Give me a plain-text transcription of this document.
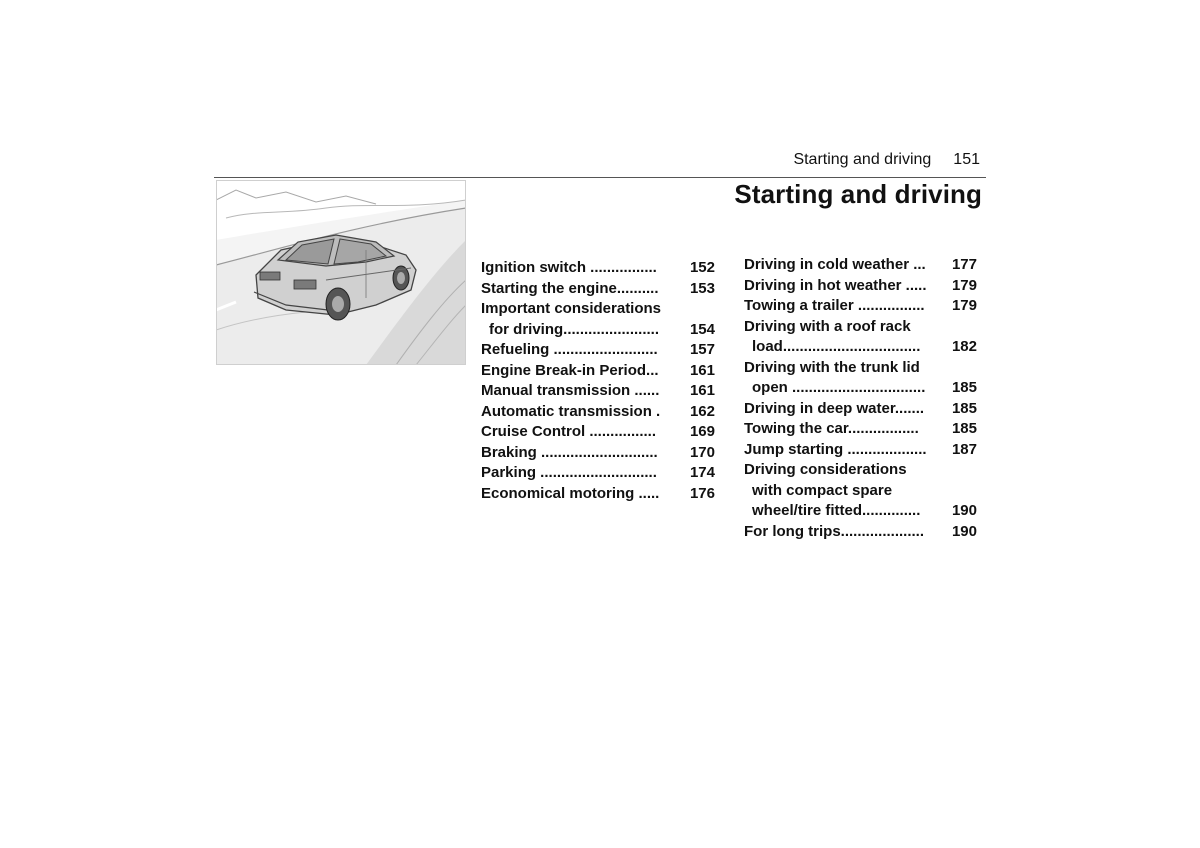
Starting and driving 151
Starting and driving
Ignition switch ................	152
Starting the engine..........	153
Important considerations
for driving.......................	154
Refueling .........................	157
Engine Break-in Period...	161
Manual transmission ......	161
Automatic transmission .	162
Cruise Control ................	169
Braking ............................	170
Parking ............................	174
Economical motoring .....	176
Driving in cold weather ...	177
Driving in hot weather .....	179
Towing a trailer ................	179
Driving with a roof rack
load.................................	182
Driving with the trunk lid
open ................................	185
Driving in deep water.......	185
Towing the car.................	185
Jump starting ...................	187
Driving considerations
with compact spare
wheel/tire fitted..............	190
For long trips....................	190
